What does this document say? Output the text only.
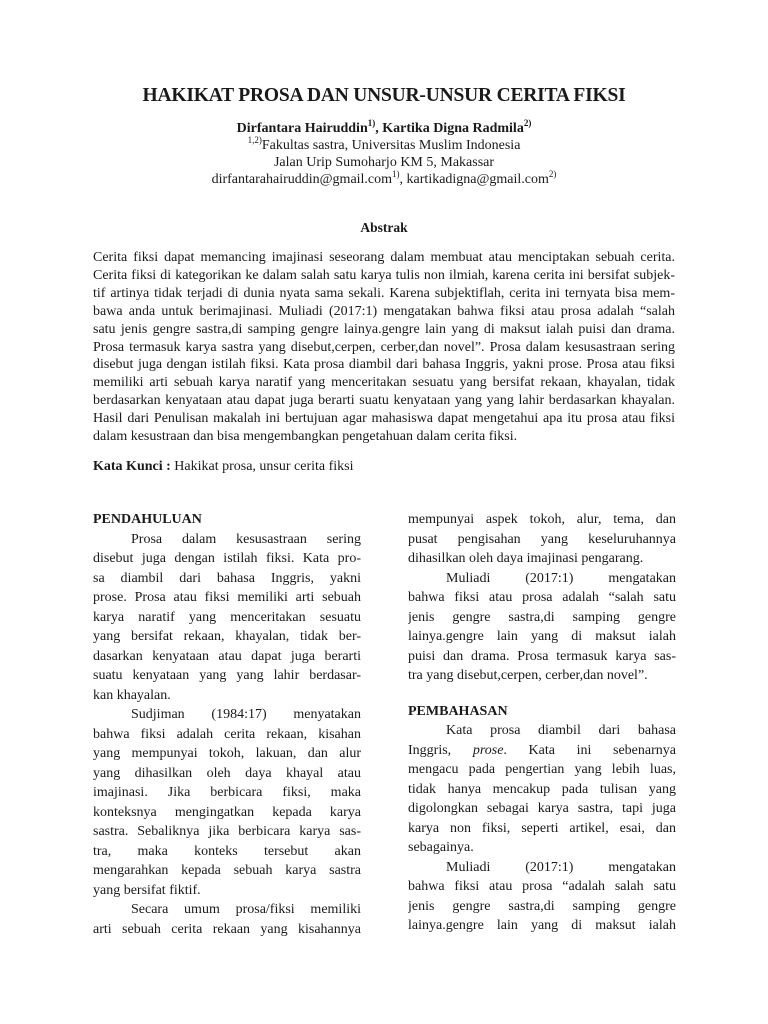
HAKIKAT PROSA DAN UNSUR-UNSUR CERITA FIKSI
Dirfantara Hairuddin$^{1)}$, Kartika Digna Radmila$^{2)}$
$^{1,2)}$Fakultas sastra, Universitas Muslim Indonesia
Jalan Urip Sumoharjo KM 5, Makassar
dirfantarahairuddin@gmail.com$^{1)}$, kartikadigna@gmail.com$^{2)}$
Abstrak
Cerita fiksi dapat memancing imajinasi seseorang dalam membuat atau menciptakan sebuah cerita.
Cerita fiksi di kategorikan ke dalam salah satu karya tulis non ilmiah, karena cerita ini bersifat subjek-
tif artinya tidak terjadi di dunia nyata sama sekali. Karena subjektiflah, cerita ini ternyata bisa mem-
bawa anda untuk berimajinasi. Muliadi (2017:1) mengatakan bahwa fiksi atau prosa adalah “salah
satu jenis gengre sastra,di samping gengre lainya.gengre lain yang di maksut ialah puisi dan drama.
Prosa termasuk karya sastra yang disebut,cerpen, cerber,dan novel”. Prosa dalam kesusastraan sering
disebut juga dengan istilah fiksi. Kata prosa diambil dari bahasa Inggris, yakni prose. Prosa atau fiksi
memiliki arti sebuah karya naratif yang menceritakan sesuatu yang bersifat rekaan, khayalan, tidak
berdasarkan kenyataan atau dapat juga berarti suatu kenyataan yang yang lahir berdasarkan khayalan.
Hasil dari Penulisan makalah ini bertujuan agar mahasiswa dapat mengetahui apa itu prosa atau fiksi
dalam kesustraan dan bisa mengembangkan pengetahuan dalam cerita fiksi.
Kata Kunci : Hakikat prosa, unsur cerita fiksi
PENDAHULUAN
Prosa dalam kesusastraan sering
disebut juga dengan istilah fiksi. Kata pro-
sa diambil dari bahasa Inggris, yakni
prose. Prosa atau fiksi memiliki arti sebuah
karya naratif yang menceritakan sesuatu
yang bersifat rekaan, khayalan, tidak ber-
dasarkan kenyataan atau dapat juga berarti
suatu kenyataan yang yang lahir berdasar-
kan khayalan.
Sudjiman (1984:17) menyatakan
bahwa fiksi adalah cerita rekaan, kisahan
yang mempunyai tokoh, lakuan, dan alur
yang dihasilkan oleh daya khayal atau
imajinasi. Jika berbicara fiksi, maka
konteksnya mengingatkan kepada karya
sastra. Sebaliknya jika berbicara karya sas-
tra, maka konteks tersebut akan
mengarahkan kepada sebuah karya sastra
yang bersifat fiktif.
Secara umum prosa/fiksi memiliki
arti sebuah cerita rekaan yang kisahannya
mempunyai aspek tokoh, alur, tema, dan
pusat pengisahan yang keseluruhannya
dihasilkan oleh daya imajinasi pengarang.
Muliadi (2017:1) mengatakan
bahwa fiksi atau prosa adalah “salah satu
jenis gengre sastra,di samping gengre
lainya.gengre lain yang di maksut ialah
puisi dan drama. Prosa termasuk karya sas-
tra yang disebut,cerpen, cerber,dan novel”.
PEMBAHASAN
Kata prosa diambil dari bahasa
Inggris, prose. Kata ini sebenarnya
mengacu pada pengertian yang lebih luas,
tidak hanya mencakup pada tulisan yang
digolongkan sebagai karya sastra, tapi juga
karya non fiksi, seperti artikel, esai, dan
sebagainya.
Muliadi (2017:1) mengatakan
bahwa fiksi atau prosa “adalah salah satu
jenis gengre sastra,di samping gengre
lainya.gengre lain yang di maksut ialah
